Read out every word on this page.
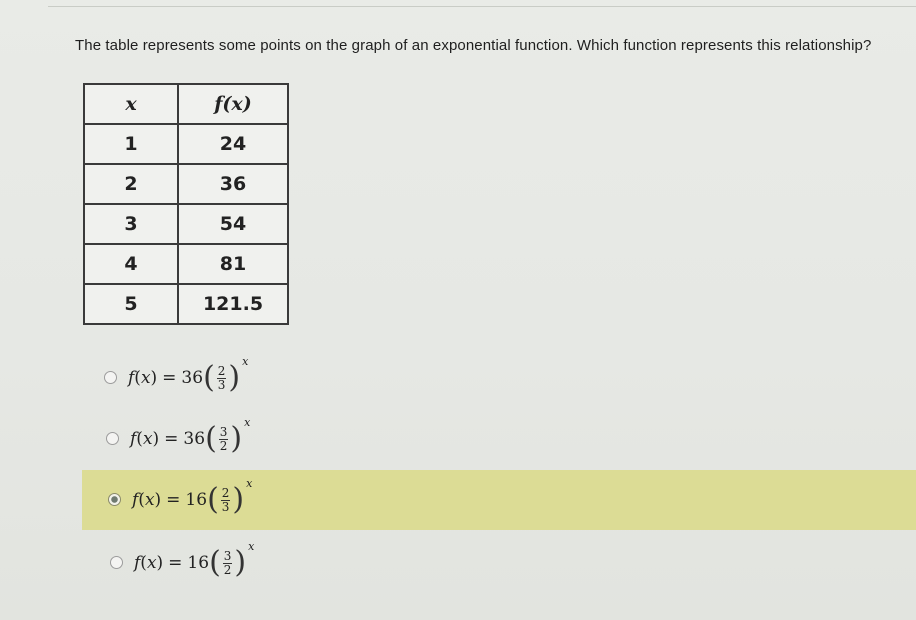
The table represents some points on the graph of an exponential function. Which function represents this relationship?
x	f(x)
1	24
2	36
3	54
4	81
5	121.5
f ( x ) = 36 ( $\frac{2}{3}$ ) x
f ( x ) = 36 ( $\frac{3}{2}$ ) x
f ( x ) = 16 ( $\frac{2}{3}$ ) x
f ( x ) = 16 ( $\frac{3}{2}$ ) x
